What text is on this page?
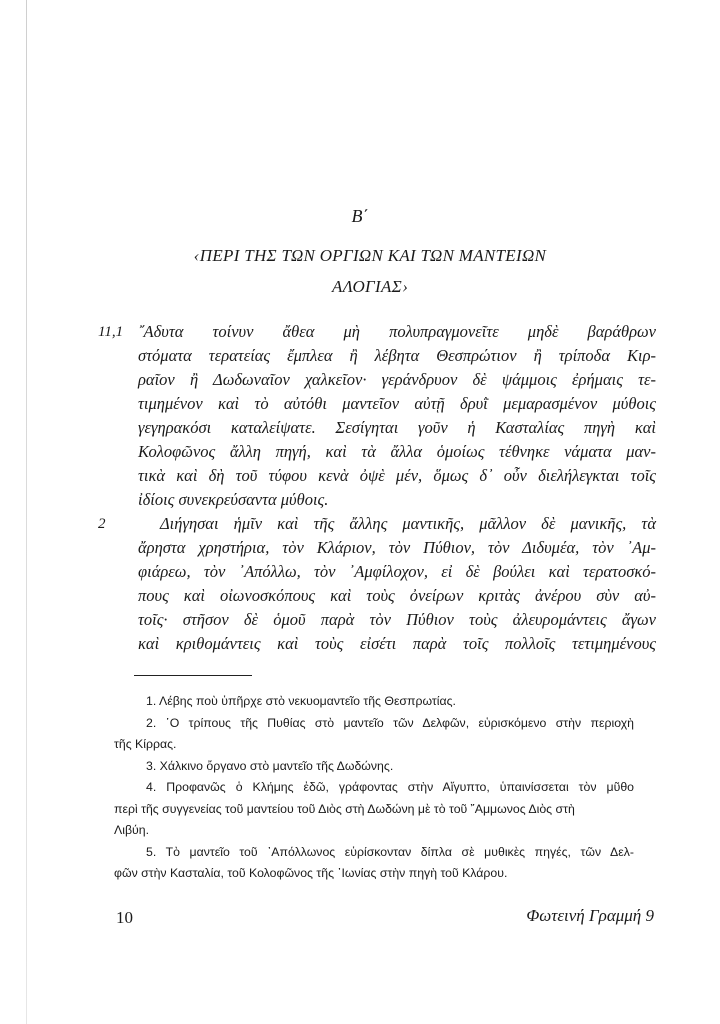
B΄
‹ΠΕΡΙ ΤΗΣ ΤΩΝ ΟΡΓΙΩΝ ΚΑΙ ΤΩΝ ΜΑΝΤΕΙΩΝ
ΑΛΟΓΙΑΣ›
11,1 ῎Αδυτα τοίνυν ἄθεα μὴ πολυπραγμονεῖτε μηδὲ βαράθρων
στόματα τερατείας ἔμπλεα ἢ λέβητα Θεσπρώτιον ἢ τρίποδα Κιρ-
ραῖον ἢ Δωδωναῖον χαλκεῖον· γεράνδρυον δὲ ψάμμοις ἐρήμαις τε-
τιμημένον καὶ τὸ αὐτόθι μαντεῖον αὐτῇ δρυῒ μεμαρασμένον μύθοις
γεγηρακόσι καταλείψατε. Σεσίγηται γοῦν ἡ Κασταλίας πηγὴ καὶ
Κολοφῶνος ἄλλη πηγή, καὶ τὰ ἄλλα ὁμοίως τέθνηκε νάματα μαν-
τικὰ καὶ δὴ τοῦ τύφου κενὰ ὀψὲ μέν, ὅμως δ᾽ οὖν διελήλεγκται τοῖς
ἰδίοις συνεκρεύσαντα μύθοις.
2	Διήγησαι ἡμῖν καὶ τῆς ἄλλης μαντικῆς, μᾶλλον δὲ μανικῆς, τὰ
ἄρηστα χρηστήρια, τὸν Κλάριον, τὸν Πύθιον, τὸν Διδυμέα, τὸν ᾿Αμ-
φιάρεω, τὸν ᾿Απόλλω, τὸν ᾿Αμφίλοχον, εἰ δὲ βούλει καὶ τερατοσκό-
πους καὶ οἰωνοσκόπους καὶ τοὺς ὀνείρων κριτὰς ἀνέρου σὺν αὐ-
τοῖς· στῆσον δὲ ὁμοῦ παρὰ τὸν Πύθιον τοὺς ἀλευρομάντεις ἄγων
καὶ κριθομάντεις καὶ τοὺς εἰσέτι παρὰ τοῖς πολλοῖς τετιμημένους
1. Λέβης ποὺ ὑπῆρχε στὸ νεκυομαντεῖο τῆς Θεσπρωτίας.
2. ῾Ο τρίπους τῆς Πυθίας στὸ μαντεῖο τῶν Δελφῶν, εὑρισκόμενο στὴν περιοχὴ
τῆς Κίρρας.
3. Χάλκινο ὄργανο στὸ μαντεῖο τῆς Δωδώνης.
4. Προφανῶς ὁ Κλήμης ἐδῶ, γράφοντας στὴν Αἴγυπτο, ὑπαινίσσεται τὸν μῦθο
περὶ τῆς συγγενείας τοῦ μαντείου τοῦ Διὸς στὴ Δωδώνη μὲ τὸ τοῦ ῎Αμμωνος Διὸς στὴ
Λιβύη.
5. Τὸ μαντεῖο τοῦ ᾿Απόλλωνος εὑρίσκονταν δίπλα σὲ μυθικὲς πηγές, τῶν Δελ-
φῶν στὴν Κασταλία, τοῦ Κολοφῶνος τῆς ᾿Ιωνίας στὴν πηγὴ τοῦ Κλάρου.
10	Φωτεινή Γραμμή 9
